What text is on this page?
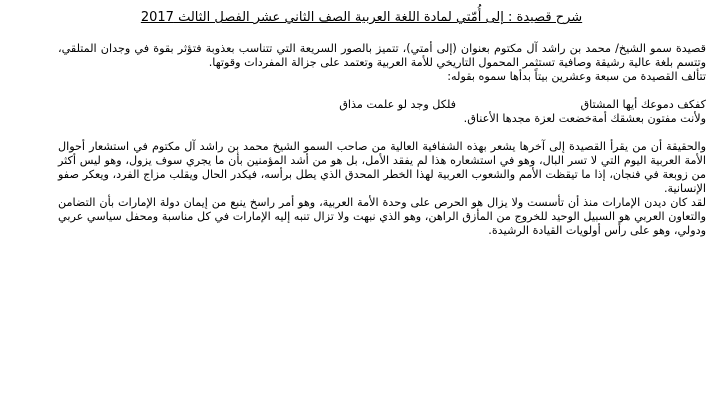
شرح قصيدة : إلى أُمّتي لمادة اللغة العربية الصف الثاني عشر الفصل الثالث 2017

قصيدة سمو الشيخ/ محمد بن راشد آل مكتوم بعنوان (إلى أمتي)، تتميز بالصور السريعة التي تتناسب بعذوبة فتؤثر بقوة في وجدان المتلقي، وتتسم بلغة عالية رشيقة وصافية تستثمر المحمول التاريخي للأمة العربية وتعتمد على جزالة المفردات وقوتها.

تتألف القصيدة من سبعة وعشرين بيتاً بدأها سموه بقوله:

كفكف دموعك أيها المشتاق
فلكل وجد لو علمت مذاق

ولأنت مفتون بعشقك أمةخضعت لعزة مجدها الأعناق.

والحقيقة أن من يقرأ القصيدة إلى آخرها يشعر بهذه الشفافية العالية من صاحب السمو الشيخ محمد بن راشد آل مكتوم في استشعار أحوال الأمة العربية اليوم التي لا تسر البال، وهو في استشعاره هذا لم يفقد الأمل، بل هو من أشد المؤمنين بأن ما يجري سوف يزول، وهو ليس أكثر من زوبعة في فنجان، إذا ما تيقظت الأمم والشعوب العربية لهذا الخطر المحدق الذي يطل برأسه، فيكدر الحال ويقلب مزاج الفرد، ويعكر صفو الإنسانية.

لقد كان ديدن الإمارات منذ أن تأسست ولا يزال هو الحرص على وحدة الأمة العربية، وهو أمر راسخ ينبع من إيمان دولة الإمارات بأن التضامن والتعاون العربي هو السبيل الوحيد للخروج من المأزق الراهن، وهو الذي نبهت ولا تزال تنبه إليه الإمارات في كل مناسبة ومحفل سياسي عربي ودولي، وهو على رأس أولويات القيادة الرشيدة.
